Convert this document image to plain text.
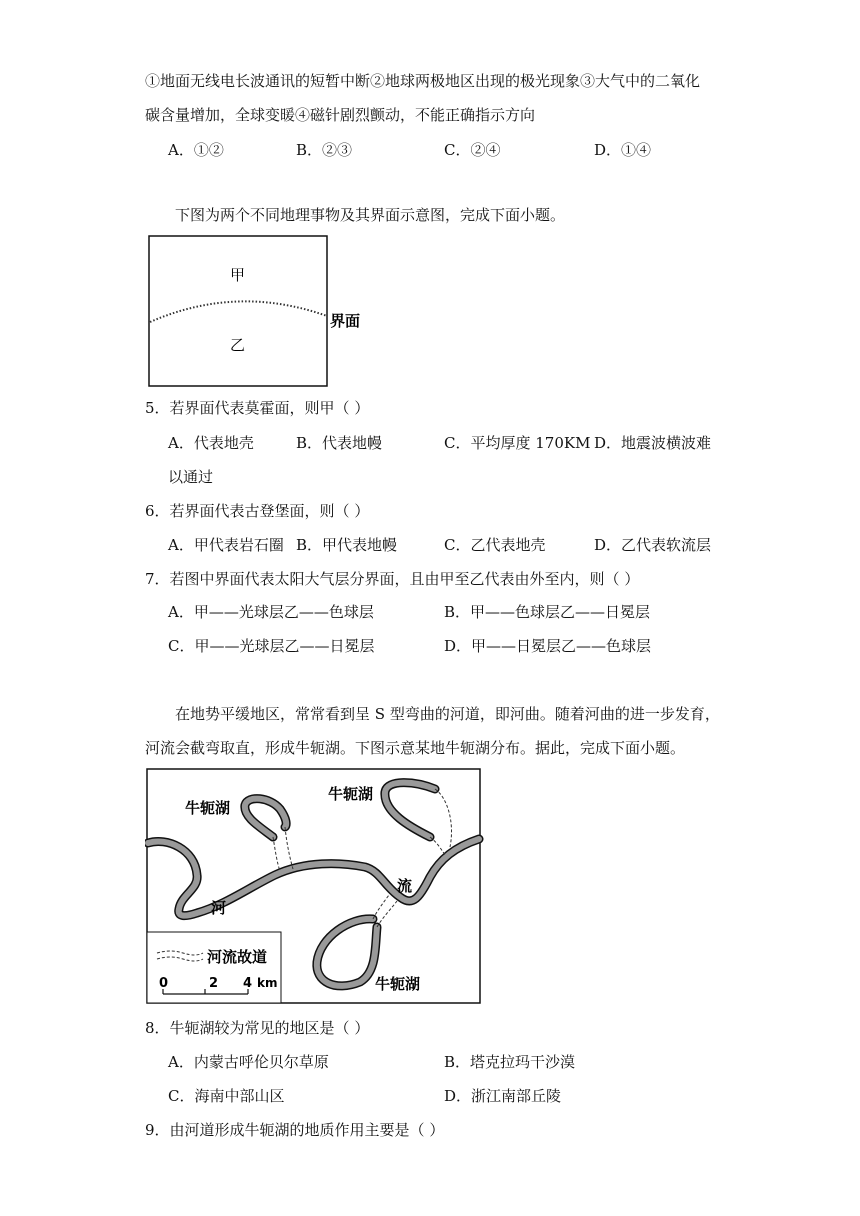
①地面无线电长波通讯的短暂中断②地球两极地区出现的极光现象③大气中的二氧化
碳含量增加，全球变暖④磁针剧烈颤动，不能正确指示方向
A．①②	B．②③	C．②④	D．①④
下图为两个不同地理事物及其界面示意图，完成下面小题。
甲
乙
界面
5．若界面代表莫霍面，则甲（ ）
A．代表地壳	B．代表地幔	C．平均厚度 170KM D．地震波横波难
以通过
6．若界面代表古登堡面，则（ ）
A．甲代表岩石圈 B．甲代表地幔	C．乙代表地壳	D．乙代表软流层
7．若图中界面代表太阳大气层分界面，且由甲至乙代表由外至内，则（ ）
A．甲——光球层乙——色球层	B．甲——色球层乙——日冕层
C．甲——光球层乙——日冕层	D．甲——日冕层乙——色球层
在地势平缓地区，常常看到呈 S 型弯曲的河道，即河曲。随着河曲的进一步发育，
河流会截弯取直，形成牛轭湖。下图示意某地牛轭湖分布。据此，完成下面小题。
牛轭湖
牛轭湖
牛轭湖
河
流
河流故道
0	2 4 km
8．牛轭湖较为常见的地区是（ ）
A．内蒙古呼伦贝尔草原	B．塔克拉玛干沙漠
C．海南中部山区	D．浙江南部丘陵
9．由河道形成牛轭湖的地质作用主要是（ ）
